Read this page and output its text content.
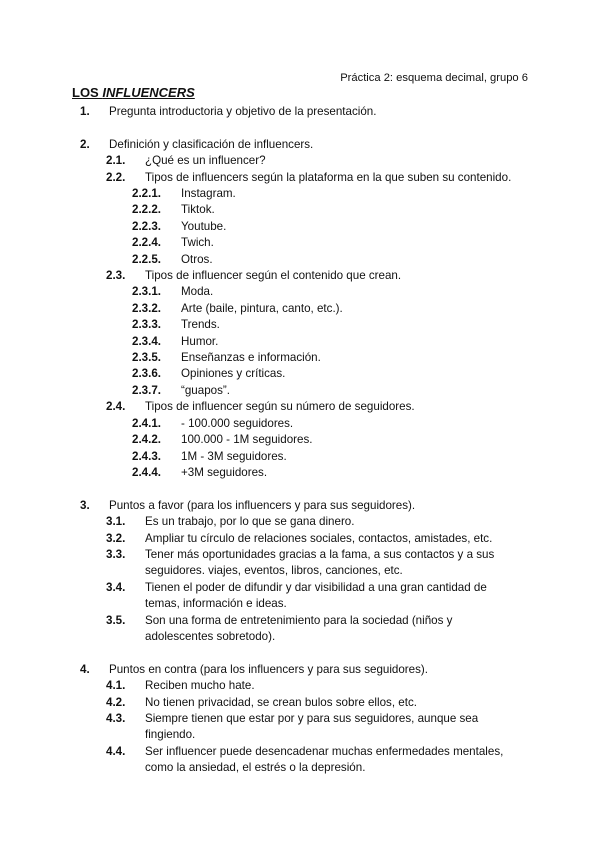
Práctica 2: esquema decimal, grupo 6
LOS INFLUENCERS
1. Pregunta introductoria y objetivo de la presentación.
2. Definición y clasificación de influencers.
2.1. ¿Qué es un influencer?
2.2. Tipos de influencers según la plataforma en la que suben su contenido.
2.2.1. Instagram.
2.2.2. Tiktok.
2.2.3. Youtube.
2.2.4. Twich.
2.2.5. Otros.
2.3. Tipos de influencer según el contenido que crean.
2.3.1. Moda.
2.3.2. Arte (baile, pintura, canto, etc.).
2.3.3. Trends.
2.3.4. Humor.
2.3.5. Enseñanzas e información.
2.3.6. Opiniones y críticas.
2.3.7. “guapos”.
2.4. Tipos de influencer según su número de seguidores.
2.4.1. - 100.000 seguidores.
2.4.2. 100.000 - 1M seguidores.
2.4.3. 1M - 3M seguidores.
2.4.4. +3M seguidores.
3. Puntos a favor (para los influencers y para sus seguidores).
3.1. Es un trabajo, por lo que se gana dinero.
3.2. Ampliar tu círculo de relaciones sociales, contactos, amistades, etc.
3.3. Tener más oportunidades gracias a la fama, a sus contactos y a sus seguidores. viajes, eventos, libros, canciones, etc.
3.4. Tienen el poder de difundir y dar visibilidad a una gran cantidad de temas, información e ideas.
3.5. Son una forma de entretenimiento para la sociedad (niños y adolescentes sobretodo).
4. Puntos en contra (para los influencers y para sus seguidores).
4.1. Reciben mucho hate.
4.2. No tienen privacidad, se crean bulos sobre ellos, etc.
4.3. Siempre tienen que estar por y para sus seguidores, aunque sea fingiendo.
4.4. Ser influencer puede desencadenar muchas enfermedades mentales, como la ansiedad, el estrés o la depresión.
